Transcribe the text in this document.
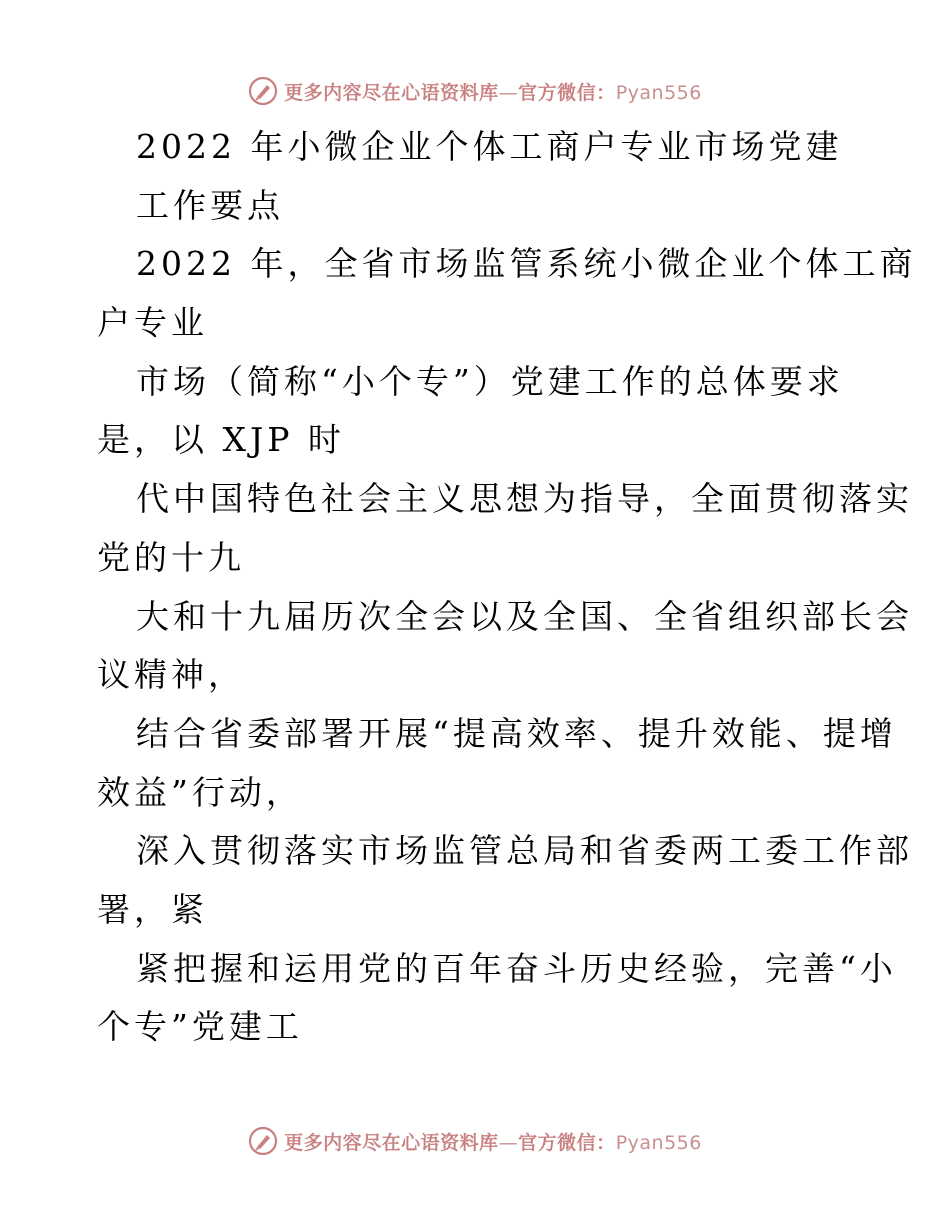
更多内容尽在心语资料库—官方微信：Pyan556
2022 年小微企业个体工商户专业市场党建
工作要点
2022 年，全省市场监管系统小微企业个体工商
户专业
市场（简称“小个专”）党建工作的总体要求
是，以 XJP 时
代中国特色社会主义思想为指导，全面贯彻落实
党的十九
大和十九届历次全会以及全国、全省组织部长会
议精神，
结合省委部署开展“提高效率、提升效能、提增
效益”行动，
深入贯彻落实市场监管总局和省委两工委工作部
署，紧
紧把握和运用党的百年奋斗历史经验，完善“小
个专”党建工
更多内容尽在心语资料库—官方微信：Pyan556
